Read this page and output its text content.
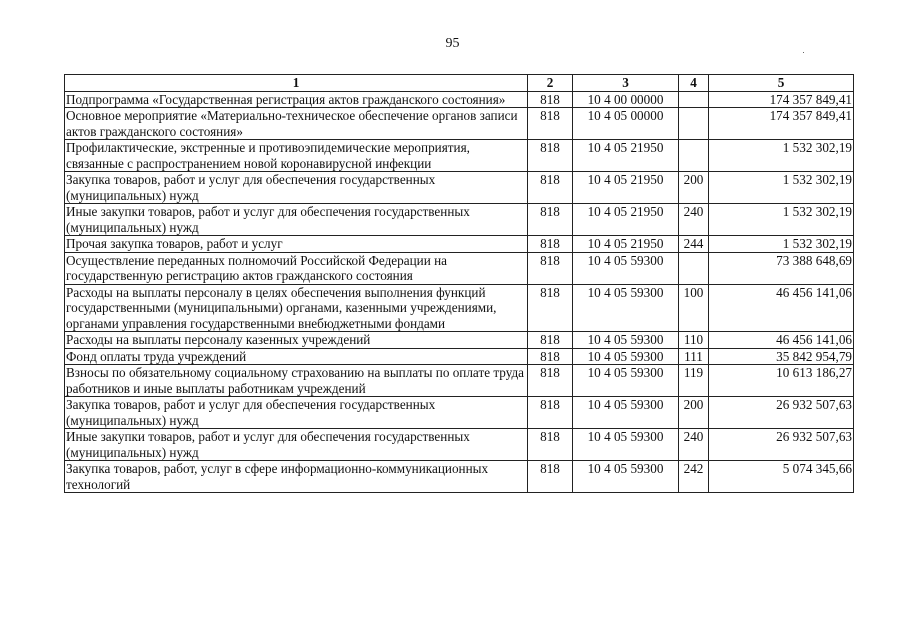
95
1	2	3	4	5
Подпрограмма «Государственная регистрация актов гражданского состояния»	818	10 4 00 00000		174 357 849,41
Основное мероприятие «Материально-техническое обеспечение органов записи актов гражданского состояния»	818	10 4 05 00000		174 357 849,41
Профилактические, экстренные и противоэпидемические мероприятия, связанные с распространением новой коронавирусной инфекции	818	10 4 05 21950		1 532 302,19
Закупка товаров, работ и услуг для обеспечения государственных (муниципальных) нужд	818	10 4 05 21950	200	1 532 302,19
Иные закупки товаров, работ и услуг для обеспечения государственных (муниципальных) нужд	818	10 4 05 21950	240	1 532 302,19
Прочая закупка товаров, работ и услуг	818	10 4 05 21950	244	1 532 302,19
Осуществление переданных полномочий Российской Федерации на государственную регистрацию актов гражданского состояния	818	10 4 05 59300		73 388 648,69
Расходы на выплаты персоналу в целях обеспечения выполнения функций государственными (муниципальными) органами, казенными учреждениями, органами управления государственными внебюджетными фондами	818	10 4 05 59300	100	46 456 141,06
Расходы на выплаты персоналу казенных учреждений	818	10 4 05 59300	110	46 456 141,06
Фонд оплаты труда учреждений	818	10 4 05 59300	111	35 842 954,79
Взносы по обязательному социальному страхованию на выплаты по оплате труда работников и иные выплаты работникам учреждений	818	10 4 05 59300	119	10 613 186,27
Закупка товаров, работ и услуг для обеспечения государственных (муниципальных) нужд	818	10 4 05 59300	200	26 932 507,63
Иные закупки товаров, работ и услуг для обеспечения государственных (муниципальных) нужд	818	10 4 05 59300	240	26 932 507,63
Закупка товаров, работ, услуг в сфере информационно-коммуникационных технологий	818	10 4 05 59300	242	5 074 345,66
